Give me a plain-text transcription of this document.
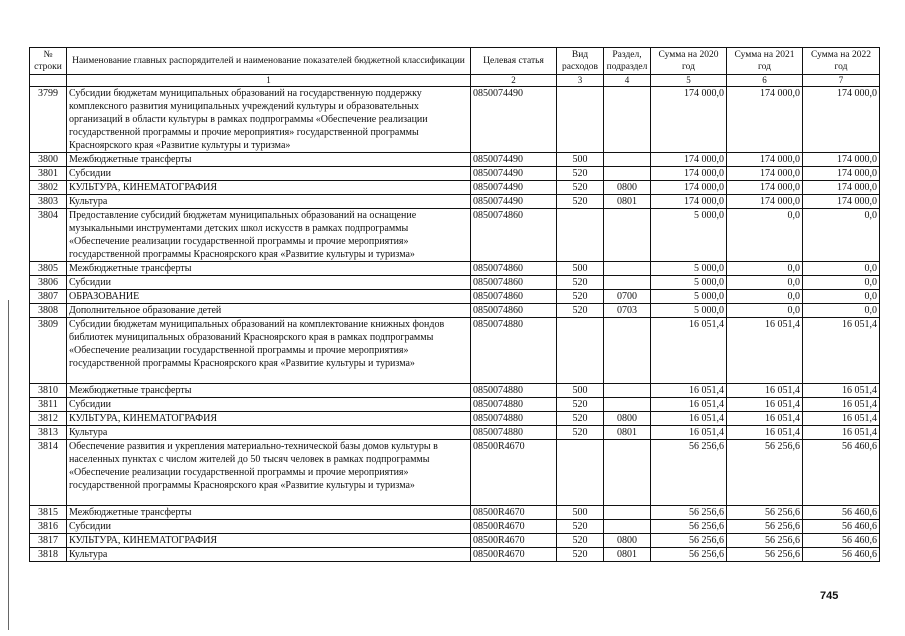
№ строки	Наименование главных распорядителей и наименование показателей бюджетной классификации	Целевая статья	Вид расходов	Раздел, подраздел	Сумма на 2020 год	Сумма на 2021 год	Сумма на 2022 год
	1	2	3	4	5	6	7
3799	Субсидии бюджетам муниципальных образований на государственную поддержку комплексного развития муниципальных учреждений культуры и образовательных организаций в области культуры в рамках подпрограммы «Обеспечение реализации государственной программы и прочие мероприятия» государственной программы Красноярского края «Развитие культуры и туризма»	0850074490			174 000,0	174 000,0	174 000,0
3800	Межбюджетные трансферты	0850074490	500		174 000,0	174 000,0	174 000,0
3801	Субсидии	0850074490	520		174 000,0	174 000,0	174 000,0
3802	КУЛЬТУРА, КИНЕМАТОГРАФИЯ	0850074490	520	0800	174 000,0	174 000,0	174 000,0
3803	Культура	0850074490	520	0801	174 000,0	174 000,0	174 000,0
3804	Предоставление субсидий бюджетам муниципальных образований на оснащение музыкальными инструментами детских школ искусств в рамках подпрограммы «Обеспечение реализации государственной программы и прочие мероприятия» государственной программы Красноярского края «Развитие культуры и туризма»	0850074860			5 000,0	0,0	0,0
3805	Межбюджетные трансферты	0850074860	500		5 000,0	0,0	0,0
3806	Субсидии	0850074860	520		5 000,0	0,0	0,0
3807	ОБРАЗОВАНИЕ	0850074860	520	0700	5 000,0	0,0	0,0
3808	Дополнительное образование детей	0850074860	520	0703	5 000,0	0,0	0,0
3809	Субсидии бюджетам муниципальных образований на комплектование книжных фондов библиотек муниципальных образований Красноярского края в рамках подпрограммы «Обеспечение реализации государственной программы и прочие мероприятия» государственной программы Красноярского края «Развитие культуры и туризма»	0850074880			16 051,4	16 051,4	16 051,4
3810	Межбюджетные трансферты	0850074880	500		16 051,4	16 051,4	16 051,4
3811	Субсидии	0850074880	520		16 051,4	16 051,4	16 051,4
3812	КУЛЬТУРА, КИНЕМАТОГРАФИЯ	0850074880	520	0800	16 051,4	16 051,4	16 051,4
3813	Культура	0850074880	520	0801	16 051,4	16 051,4	16 051,4
3814	Обеспечение развития и укрепления материально-технической базы домов культуры в населенных пунктах с числом жителей до 50 тысяч человек в рамках подпрограммы «Обеспечение реализации государственной программы и прочие мероприятия» государственной программы Красноярского края «Развитие культуры и туризма»	08500R4670			56 256,6	56 256,6	56 460,6
3815	Межбюджетные трансферты	08500R4670	500		56 256,6	56 256,6	56 460,6
3816	Субсидии	08500R4670	520		56 256,6	56 256,6	56 460,6
3817	КУЛЬТУРА, КИНЕМАТОГРАФИЯ	08500R4670	520	0800	56 256,6	56 256,6	56 460,6
3818	Культура	08500R4670	520	0801	56 256,6	56 256,6	56 460,6
745
